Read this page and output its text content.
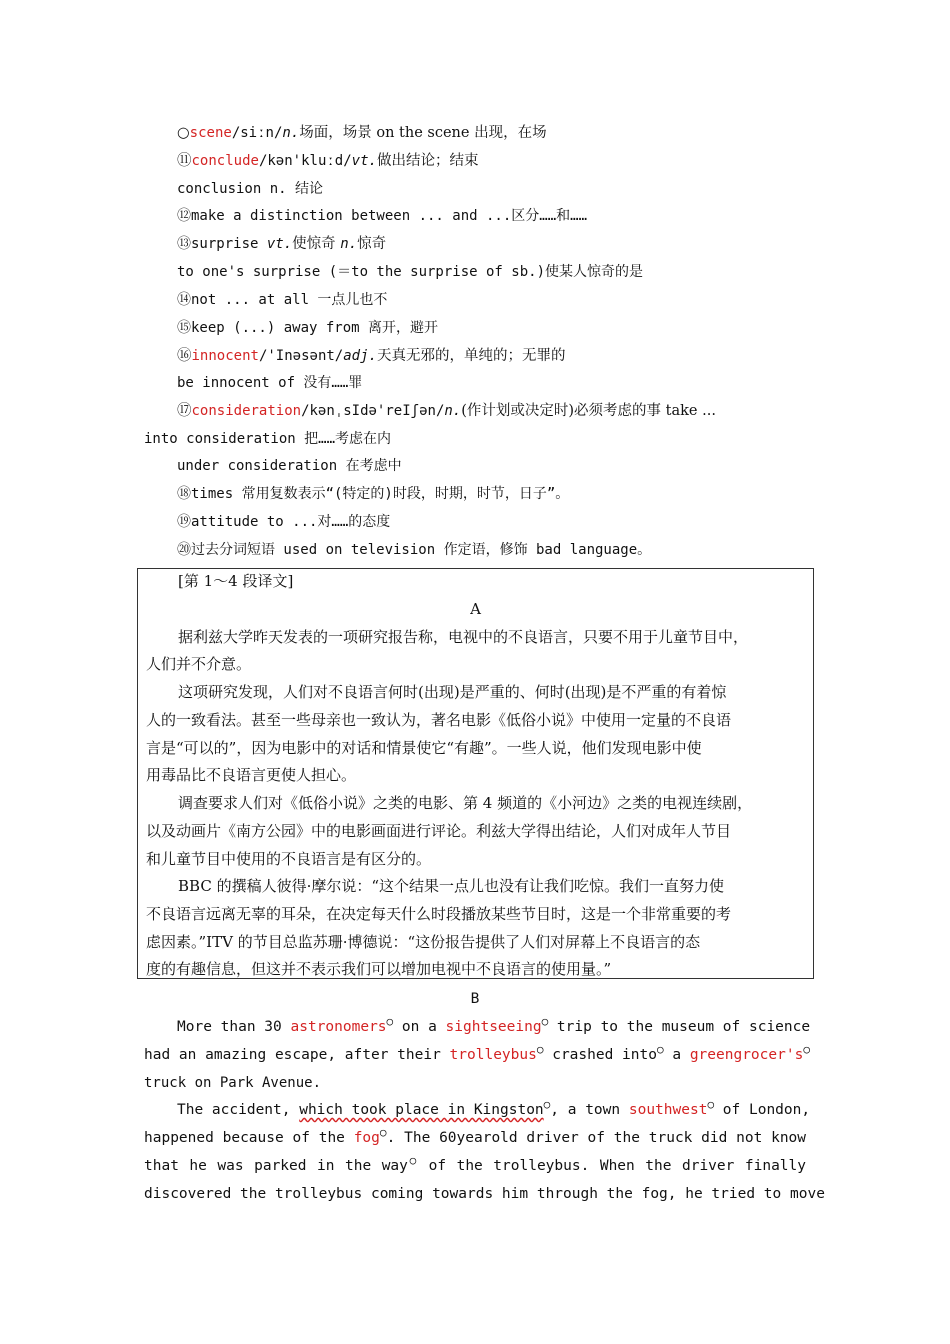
○scene/siːn/n.场面，场景 on the scene 出现，在场
⑪conclude/kən'kluːd/vt.做出结论；结束
conclusion n. 结论
⑫make a distinction between ... and ...区分……和……
⑬surprise vt.使惊奇 n.惊奇
to one's surprise (＝to the surprise of sb.)使某人惊奇的是
⑭not ... at all 一点儿也不
⑮keep (...) away from 离开，避开
⑯innocent/'Inəsənt/adj.天真无邪的，单纯的；无罪的
be innocent of 没有……罪
⑰consideration/kənˌsIdə'reIʃən/n.(作计划或决定时)必须考虑的事 take ...
into consideration 把……考虑在内
under consideration 在考虑中
⑱times 常用复数表示“(特定的)时段，时期，时节，日子”。
⑲attitude to ...对……的态度
⑳过去分词短语 used on television 作定语，修饰 bad language。
[第 1～4 段译文]
A
据利兹大学昨天发表的一项研究报告称，电视中的不良语言，只要不用于儿童节目中，
人们并不介意。
这项研究发现，人们对不良语言何时(出现)是严重的、何时(出现)是不严重的有着惊
人的一致看法。甚至一些母亲也一致认为，著名电影《低俗小说》中使用一定量的不良语
言是“可以的”，因为电影中的对话和情景使它“有趣”。一些人说，他们发现电影中使
用毒品比不良语言更使人担心。
调查要求人们对《低俗小说》之类的电影、第 4 频道的《小河边》之类的电视连续剧，
以及动画片《南方公园》中的电影画面进行评论。利兹大学得出结论，人们对成年人节目
和儿童节目中使用的不良语言是有区分的。
BBC 的撰稿人彼得·摩尔说：“这个结果一点儿也没有让我们吃惊。我们一直努力使
不良语言远离无辜的耳朵，在决定每天什么时段播放某些节目时，这是一个非常重要的考
虑因素。”ITV 的节目总监苏珊·博德说：“这份报告提供了人们对屏幕上不良语言的态
度的有趣信息，但这并不表示我们可以增加电视中不良语言的使用量。”
B
More than 30 astronomers○ on a sightseeing○ trip to the museum of science
had an amazing escape, after their trolleybus○ crashed into○ a greengrocer's○
truck on Park Avenue.
The accident, which took place in Kingston○, a town southwest○ of London,
happened because of the fog○. The 60yearold driver of the truck did not know
that he was parked in the way○ of the trolleybus. When the driver finally
discovered the trolleybus coming towards him through the fog, he tried to move
